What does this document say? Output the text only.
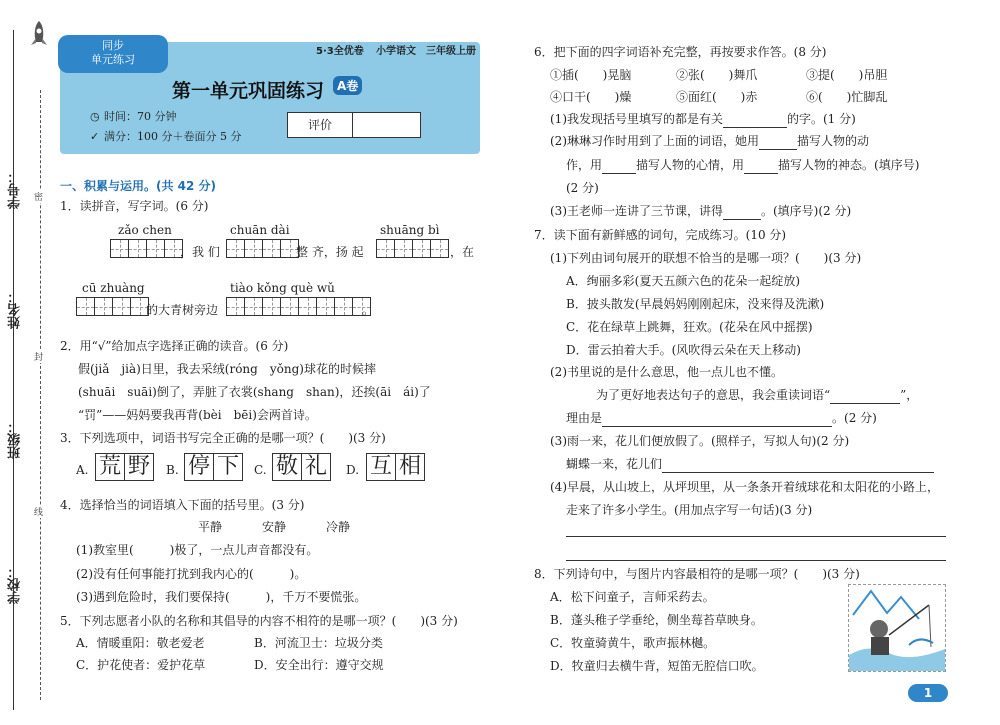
学校：
班级：
姓名：
学号： 密
封
线
同步
单元练习
5·3全优卷 小学语文 三年级上册
第一单元巩固练习	A卷
◷ 时间：70 分钟
✓ 满分：100 分＋卷面分 5 分
评价
一、积累与运用。(共 42 分)
1．读拼音，写字词。(6 分)
zǎo chen
，我 们
chuān dài
整 齐，扬 起
shuāng bì
，在
cū zhuàng
的大青树旁边
tiào kǒng què wǔ
。
2．用“√”给加点字选择正确的读音。(6 分)
假(jiǎ　jià)日里，我去采绒(róng　yǒng)球花的时候摔
(shuāi　suāi)倒了，弄脏了衣裳(shang　shan)，还挨(āi　ái)了
“罚”——妈妈要我再背(bèi　bēi)会两首诗。
3．下列选项中，词语书写完全正确的是哪一项？(　　)(3 分)
A. 荒 野 B. 停 下 C. 敬 礼 D. 互 相
4．选择恰当的词语填入下面的括号里。(3 分)
平静	安静	冷静
(1)教室里(　　　)极了，一点儿声音都没有。
(2)没有任何事能打扰到我内心的(　　　)。
(3)遇到危险时，我们要保持(　　　)，千万不要慌张。
5．下列志愿者小队的名称和其倡导的内容不相符的是哪一项？(　　)(3 分)
A．情暖重阳：敬老爱老	B．河流卫士：垃圾分类
C．护花使者：爱护花草	D．安全出行：遵守交规
6．把下面的四字词语补充完整，再按要求作答。(8 分)
①插(　　)晃脑	②张(　　)舞爪	③提(　　)吊胆
④口干(　　)燥	⑤面红(　　)赤	⑥(　　)忙脚乱
(1)我发现括号里填写的都是有关	的字。(1 分)
(2)琳琳习作时用到了上面的词语，她用	描写人物的动
作，用	描写人物的心情，用	描写人物的神态。(填序号)
(2 分)
(3)王老师一连讲了三节课，讲得	。(填序号)(2 分)
7．读下面有新鲜感的词句，完成练习。(10 分)
(1)下列由词句展开的联想不恰当的是哪一项？(　　)(3 分)
A．绚丽多彩(夏天五颜六色的花朵一起绽放)
B．披头散发(早晨妈妈刚刚起床，没来得及洗漱)
C．花在绿草上跳舞，狂欢。(花朵在风中摇摆)
D．雷云拍着大手。(风吹得云朵在天上移动)
(2)书里说的是什么意思，他一点儿也不懂。
为了更好地表达句子的意思，我会重读词语“	”，
理由是	。(2 分)
(3)雨一来，花儿们便放假了。(照样子，写拟人句)(2 分)
蝴蝶一来，花儿们
(4)早晨，从山坡上，从坪坝里，从一条条开着绒球花和太阳花的小路上，
走来了许多小学生。(用加点字写一句话)(3 分)
8．下列诗句中，与图片内容最相符的是哪一项？(　　)(3 分)
A．松下问童子，言师采药去。
B．蓬头稚子学垂纶，侧坐莓苔草映身。
C．牧童骑黄牛，歌声振林樾。
D．牧童归去横牛背，短笛无腔信口吹。
1
